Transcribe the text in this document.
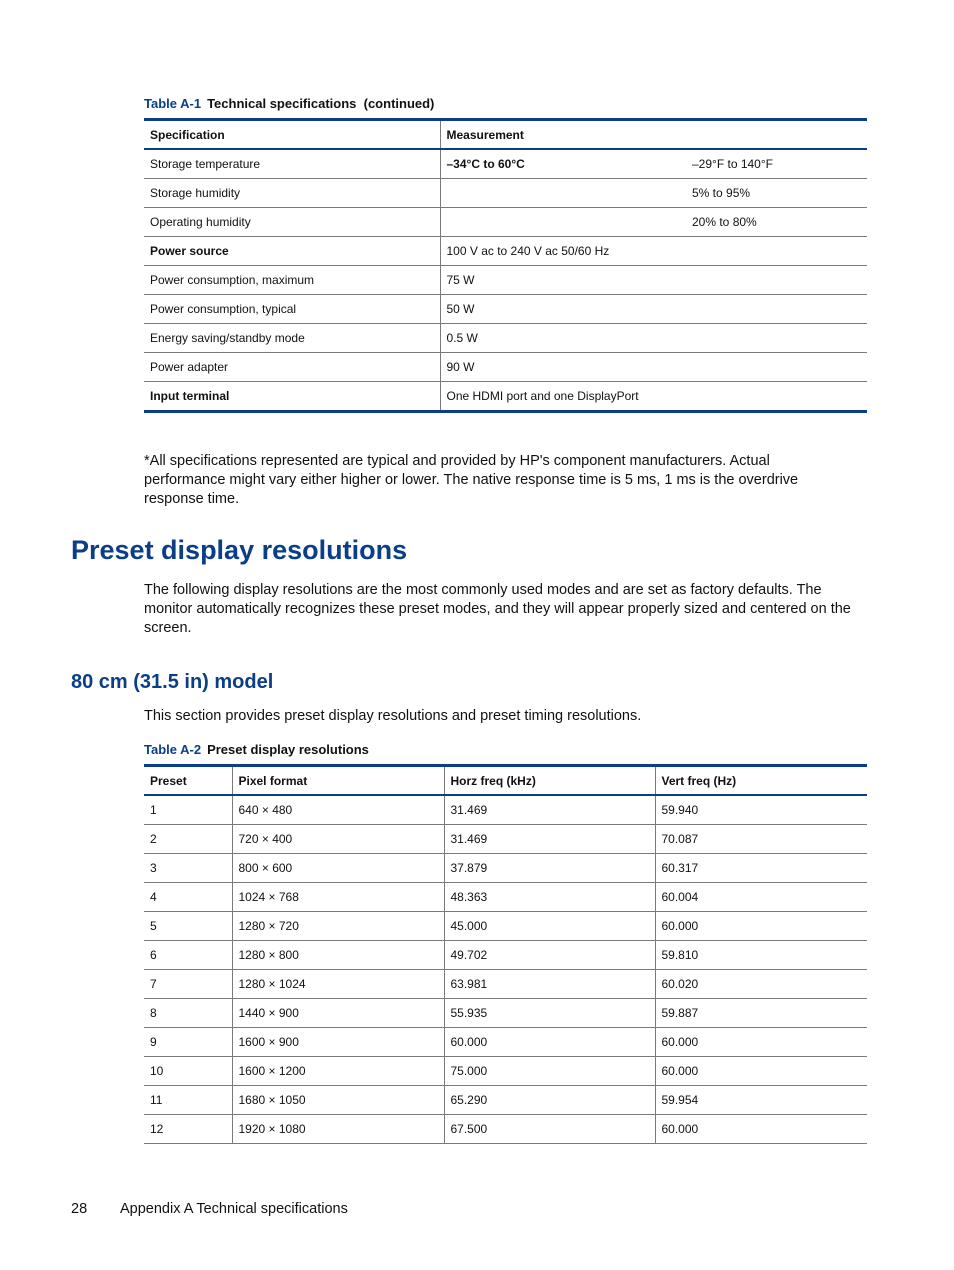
Table A-1 Technical specifications (continued)
Specification	Measurement	
Storage temperature	–34°C to 60°C	–29°F to 140°F
Storage humidity		5% to 95%
Operating humidity		20% to 80%
Power source	100 V ac to 240 V ac 50/60 Hz	
Power consumption, maximum	75 W	
Power consumption, typical	50 W	
Energy saving/standby mode	0.5 W	
Power adapter	90 W	
Input terminal	One HDMI port and one DisplayPort	
*All specifications represented are typical and provided by HP's component manufacturers. Actual performance might vary either higher or lower. The native response time is 5 ms, 1 ms is the overdrive response time.
Preset display resolutions
The following display resolutions are the most commonly used modes and are set as factory defaults. The monitor automatically recognizes these preset modes, and they will appear properly sized and centered on the screen.
80 cm (31.5 in) model
This section provides preset display resolutions and preset timing resolutions.
Table A-2 Preset display resolutions
Preset	Pixel format	Horz freq (kHz)	Vert freq (Hz)
1	640 × 480	31.469	59.940
2	720 × 400	31.469	70.087
3	800 × 600	37.879	60.317
4	1024 × 768	48.363	60.004
5	1280 × 720	45.000	60.000
6	1280 × 800	49.702	59.810
7	1280 × 1024	63.981	60.020
8	1440 × 900	55.935	59.887
9	1600 × 900	60.000	60.000
10	1600 × 1200	75.000	60.000
11	1680 × 1050	65.290	59.954
12	1920 × 1080	67.500	60.000
28 Appendix A Technical specifications
